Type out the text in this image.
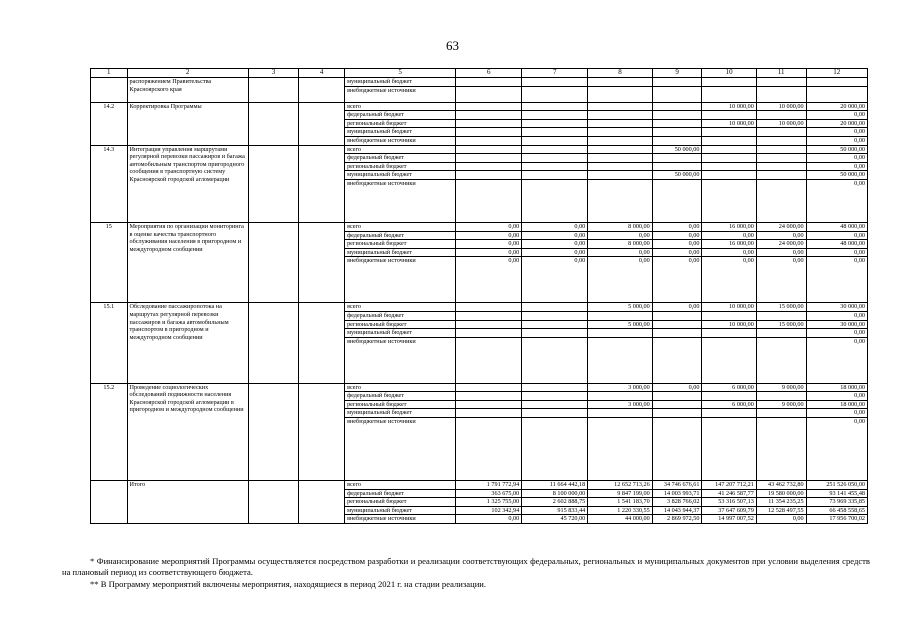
63
1	2	3	4	5	6	7	8	9	10	11	12
	распоряжением Правительства Красноярского края			муниципальный бюджет							
				внебюджетные источники							
14.2	Корректировка Программы			всего					10 000,00	10 000,00	20 000,00
				федеральный бюджет							0,00
				региональный бюджет					10 000,00	10 000,00	20 000,00
				муниципальный бюджет							0,00
				внебюджетные источники							0,00
14.3	Интеграция управления маршрутами регулярной перевозки пассажиров и багажа автомобильным транспортом пригородного сообщения в транспортную систему Красноярской городской агломерации			всего				50 000,00			50 000,00
				федеральный бюджет							0,00
				региональный бюджет							0,00
				муниципальный бюджет				50 000,00			50 000,00
				внебюджетные источники							0,00
15	Мероприятия по организации мониторинга в оценке качества транспортного обслуживания населения в пригородном и междугородном сообщении			всего	0,00	0,00	8 000,00	0,00	16 000,00	24 000,00	48 000,00
				федеральный бюджет	0,00	0,00	0,00	0,00	0,00	0,00	0,00
				региональный бюджет	0,00	0,00	8 000,00	0,00	16 000,00	24 000,00	48 000,00
				муниципальный бюджет	0,00	0,00	0,00	0,00	0,00	0,00	0,00
				внебюджетные источники	0,00	0,00	0,00	0,00	0,00	0,00	0,00
15.1	Обследование пассажиропотока на маршрутах регулярной перевозки пассажиров и багажа автомобильным транспортом в пригородном и междугородном сообщении			всего			5 000,00	0,00	10 000,00	15 000,00	30 000,00
				федеральный бюджет							0,00
				региональный бюджет			5 000,00		10 000,00	15 000,00	30 000,00
				муниципальный бюджет							0,00
				внебюджетные источники							0,00
15.2	Проведение социологических обследований подвижности населения Красноярской городской агломерации в пригородном и междугородном сообщении			всего			3 000,00	0,00	6 000,00	9 000,00	18 000,00
				федеральный бюджет							0,00
				региональный бюджет			3 000,00		6 000,00	9 000,00	18 000,00
				муниципальный бюджет							0,00
				внебюджетные источники							0,00
	Итого			всего	1 791 772,94	11 664 442,18	12 652 713,26	34 746 676,61	147 207 712,21	43 462 732,80	251 526 050,00
				федеральный бюджет	363 675,00	8 100 000,00	9 847 199,00	14 003 993,71	41 246 587,77	19 580 000,00	93 141 455,48
				региональный бюджет	1 325 755,00	2 602 888,75	1 541 183,70	3 828 766,02	53 316 507,13	11 354 235,25	73 969 335,85
				муниципальный бюджет	102 342,94	915 833,44	1 220 330,55	14 043 944,37	37 647 609,79	12 528 497,55	66 458 558,65
				внебюджетные источники	0,00	45 720,00	44 000,00	2 869 972,50	14 997 007,52	0,00	17 956 700,02
* Финансирование мероприятий Программы осуществляется посредством разработки и реализации соответствующих федеральных, региональных и муниципальных документов при условии выделения средств на плановый период из соответствующего бюджета.
** В Программу мероприятий включены мероприятия, находящиеся в период 2021 г. на стадии реализации.
